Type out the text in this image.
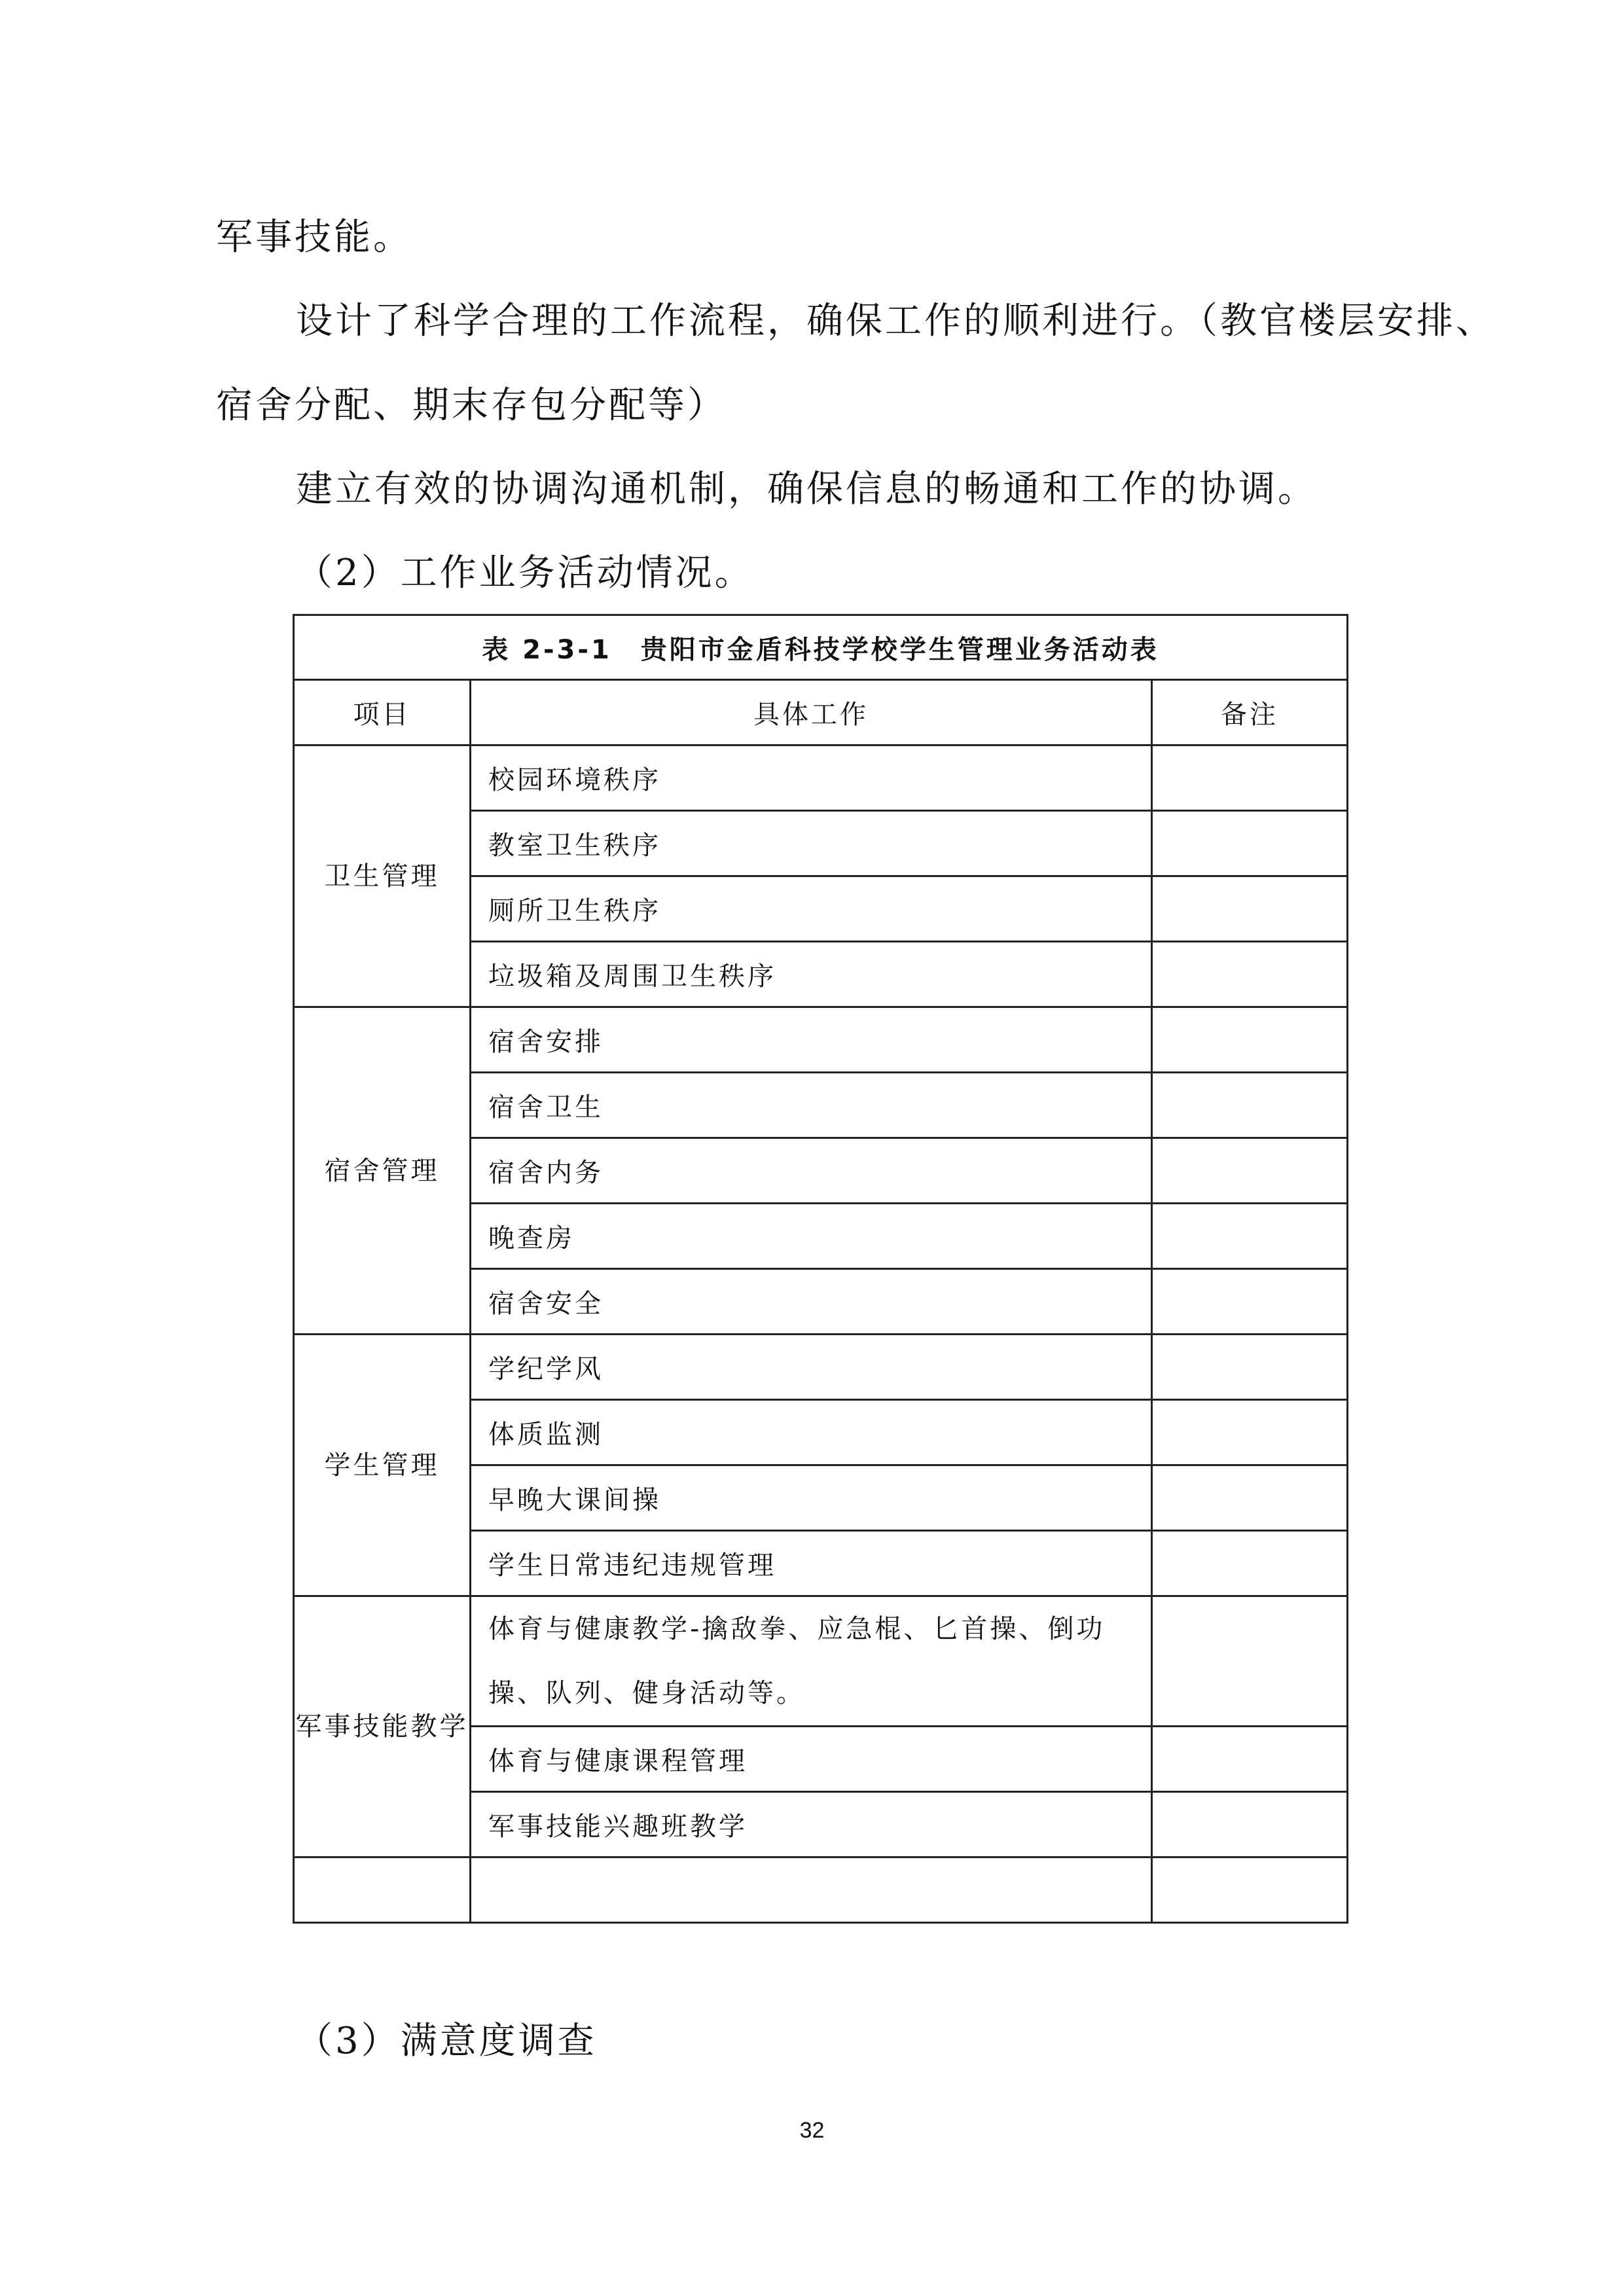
军事技能。
设计了科学合理的工作流程，确保工作的顺利进行。（教官楼层安排、
宿舍分配、期末存包分配等）
建立有效的协调沟通机制，确保信息的畅通和工作的协调。
（2）工作业务活动情况。
表 2-3-1　贵阳市金盾科技学校学生管理业务活动表		
项目	具体工作	备注
卫生管理	校园环境秩序	
	教室卫生秩序	
	厕所卫生秩序	
	垃圾箱及周围卫生秩序	
宿舍管理	宿舍安排	
	宿舍卫生	
	宿舍内务	
	晚查房	
	宿舍安全	
学生管理	学纪学风	
	体质监测	
	早晚大课间操	
	学生日常违纪违规管理	
军事技能教学	体育与健康教学-擒敌拳、应急棍、匕首操、倒功操、队列、健身活动等。	
	体育与健康课程管理	
	军事技能兴趣班教学	

（3）满意度调查
32
